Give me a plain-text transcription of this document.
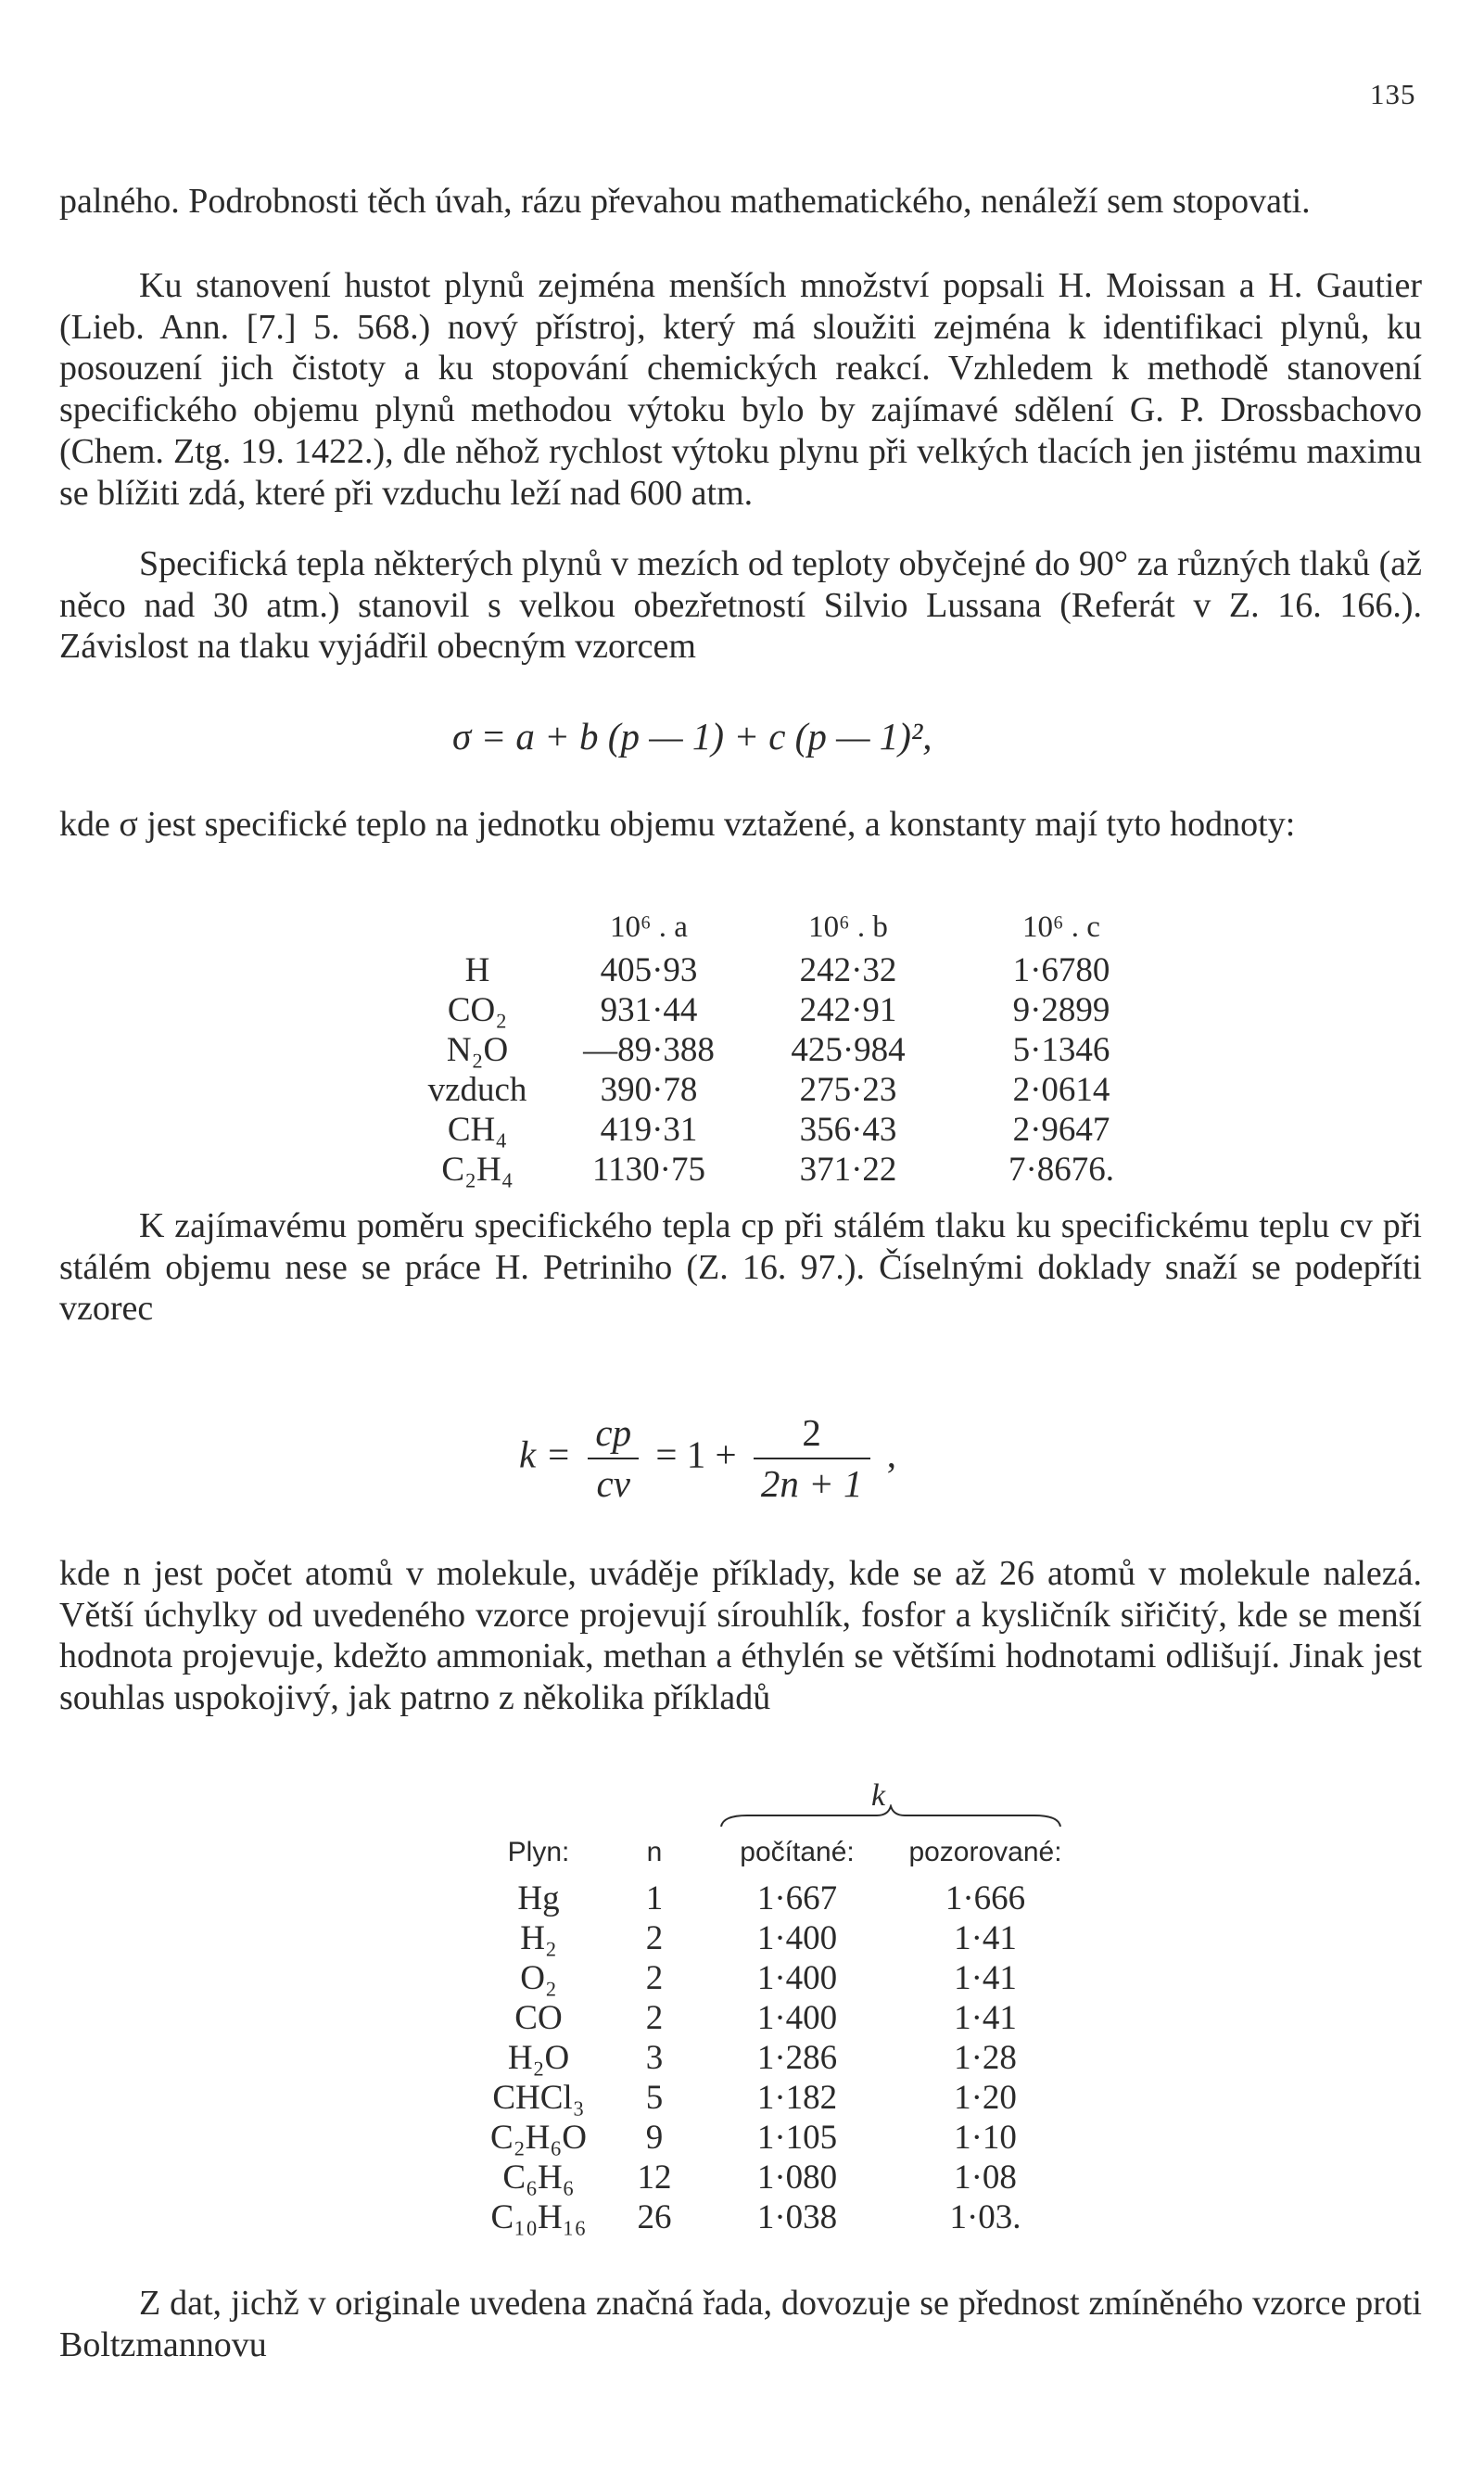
135

palného. Podrobnosti těch úvah, rázu převahou mathematického, nenáleží sem stopovati.

Ku stanovení hustot plynů zejména menších množství popsali H. Moissan a H. Gautier (Lieb. Ann. [7.] 5. 568.) nový přístroj, který má sloužiti zejména k identifikaci plynů, ku posouzení jich čistoty a ku stopování chemických reakcí. Vzhledem k methodě stanovení specifického objemu plynů methodou výtoku bylo by zajímavé sdělení G. P. Drossbachovo (Chem. Ztg. 19. 1422.), dle něhož rychlost výtoku plynu při velkých tlacích jen jistému maximu se blížiti zdá, které při vzduchu leží nad 600 atm.

Specifická tepla některých plynů v mezích od teploty obyčejné do 90° za různých tlaků (až něco nad 30 atm.) stanovil s velkou obezřetností Silvio Lussana (Referát v Z. 16. 166.). Závislost na tlaku vyjádřil obecným vzorcem

σ = a + b (p — 1) + c (p — 1)²,

kde σ jest specifické teplo na jednotku objemu vztažené, a konstanty mají tyto hodnoty:

	10⁶ . a	10⁶ . b	10⁶ . c
H	405·93	242·32	1·6780
CO₂	931·44	242·91	9·2899
N₂O	—89·388	425·984	5·1346
vzduch	390·78	275·23	2·0614
CH₄	419·31	356·43	2·9647
C₂H₄	1130·75	371·22	7·8676.

K zajímavému poměru specifického tepla cp při stálém tlaku ku specifickému teplu cv při stálém objemu nese se práce H. Petriniho (Z. 16. 97.). Číselnými doklady snaží se podepříti vzorec

$k = \frac{cp}{cv} = 1 + \frac{2}{2n + 1}$ ,

kde n jest počet atomů v molekule, uváděje příklady, kde se až 26 atomů v molekule nalezá. Větší úchylky od uvedeného vzorce projevují sírouhlík, fosfor a kysličník siřičitý, kde se menší hodnota projevuje, kdežto ammoniak, methan a éthylén se většími hodnotami odlišují. Jinak jest souhlas uspokojivý, jak patrno z několika příkladů

k
Plyn:	n	počítané:	pozorované:
Hg	1	1·667	1·666
H₂	2	1·400	1·41
O₂	2	1·400	1·41
CO	2	1·400	1·41
H₂O	3	1·286	1·28
CHCl₃	5	1·182	1·20
C₂H₆O	9	1·105	1·10
C₆H₆	12	1·080	1·08
C₁₀H₁₆	26	1·038	1·03.

Z dat, jichž v originale uvedena značná řada, dovozuje se přednost zmíněného vzorce proti Boltzmannovu
